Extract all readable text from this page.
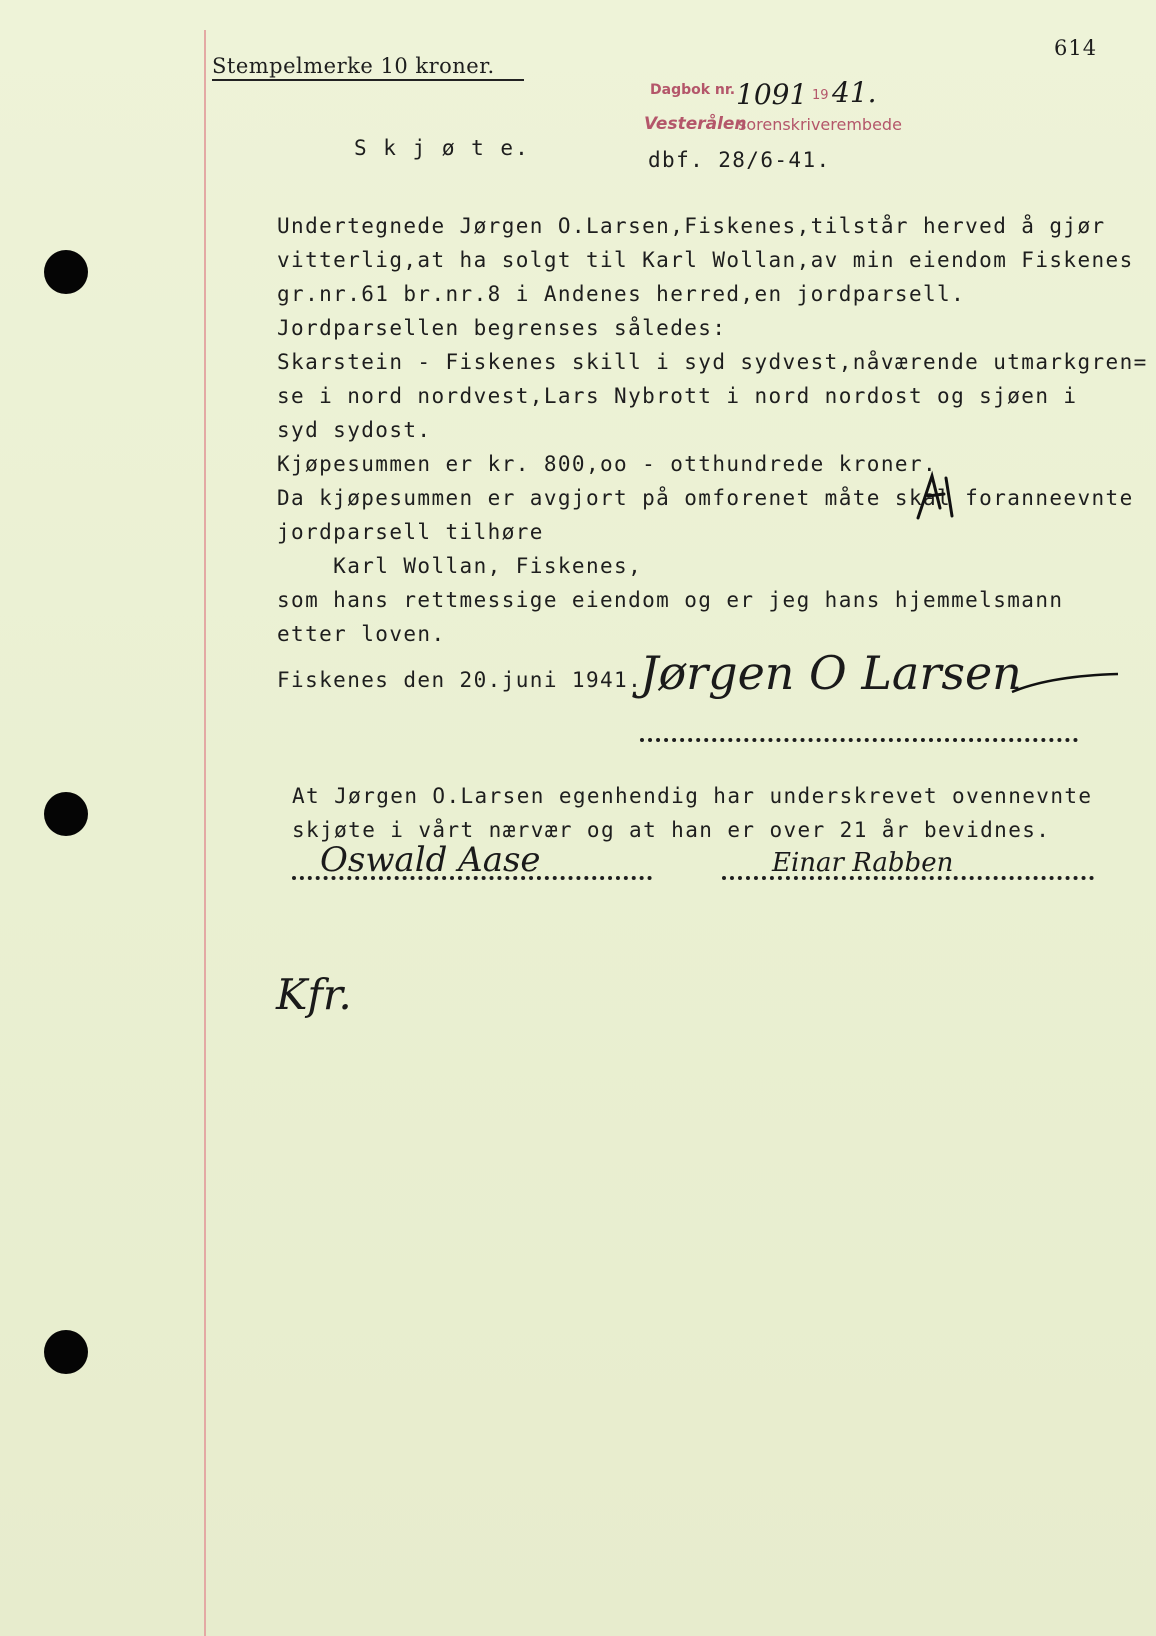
614
Stempelmerke 10 kroner.
Dagbok nr. 1091 19 41.
Vesterålen
sorenskriverembede
S k j ø t e.	dbf. 28/6-41.
Undertegnede Jørgen O.Larsen,Fiskenes,tilstår herved å gjør
vitterlig,at ha solgt til Karl Wollan,av min eiendom Fiskenes
gr.nr.61 br.nr.8 i Andenes herred,en jordparsell.
Jordparsellen begrenses således:
Skarstein - Fiskenes skill i syd sydvest,nåværende utmarkgren=
se i nord nordvest,Lars Nybrott i nord nordost og sjøen i
syd sydost.
Kjøpesummen er kr. 800,oo - otthundrede kroner.
Da kjøpesummen er avgjort på omforenet måte skal foranneevnte
jordparsell tilhøre
Karl Wollan, Fiskenes,
som hans rettmessige eiendom og er jeg hans hjemmelsmann
etter loven.
Fiskenes den 20.juni 1941.
Jørgen O Larsen
At Jørgen O.Larsen egenhendig har underskrevet ovennevnte
skjøte i vårt nærvær og at han er over 21 år bevidnes.
Oswald Aase	Einar Rabben
Kfr.
